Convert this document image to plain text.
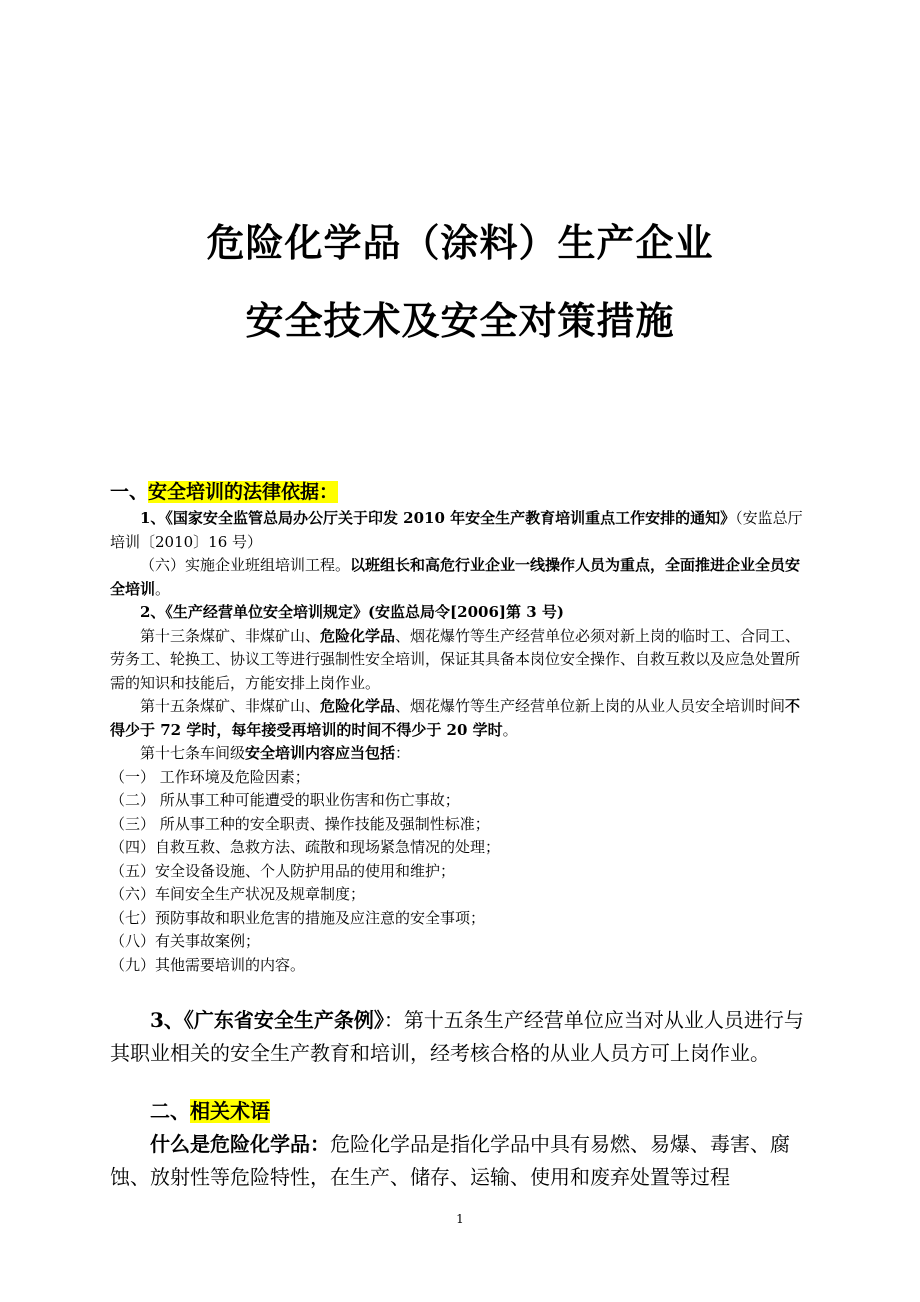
危险化学品（涂料）生产企业
安全技术及安全对策措施
一、安全培训的法律依据：
1、《国家安全监管总局办公厅关于印发 2010 年安全生产教育培训重点工作安排的通知》（安监总厅培训〔2010〕16 号）
（六）实施企业班组培训工程。以班组长和高危行业企业一线操作人员为重点，全面推进企业全员安全培训。
2、《生产经营单位安全培训规定》(安监总局令[2006]第 3 号)
第十三条煤矿、非煤矿山、危险化学品、烟花爆竹等生产经营单位必须对新上岗的临时工、合同工、劳务工、轮换工、协议工等进行强制性安全培训，保证其具备本岗位安全操作、自救互救以及应急处置所需的知识和技能后，方能安排上岗作业。
第十五条煤矿、非煤矿山、危险化学品、烟花爆竹等生产经营单位新上岗的从业人员安全培训时间不得少于 72 学时，每年接受再培训的时间不得少于 20 学时。
第十七条车间级安全培训内容应当包括：
（一） 工作环境及危险因素；
（二） 所从事工种可能遭受的职业伤害和伤亡事故；
（三） 所从事工种的安全职责、操作技能及强制性标准；
（四）自救互救、急救方法、疏散和现场紧急情况的处理；
（五）安全设备设施、个人防护用品的使用和维护；
（六）车间安全生产状况及规章制度；
（七）预防事故和职业危害的措施及应注意的安全事项；
（八）有关事故案例；
（九）其他需要培训的内容。
3、《广东省安全生产条例》：第十五条生产经营单位应当对从业人员进行与其职业相关的安全生产教育和培训，经考核合格的从业人员方可上岗作业。
二、相关术语
什么是危险化学品：危险化学品是指化学品中具有易燃、易爆、毒害、腐蚀、放射性等危险特性，在生产、储存、运输、使用和废弃处置等过程
1
